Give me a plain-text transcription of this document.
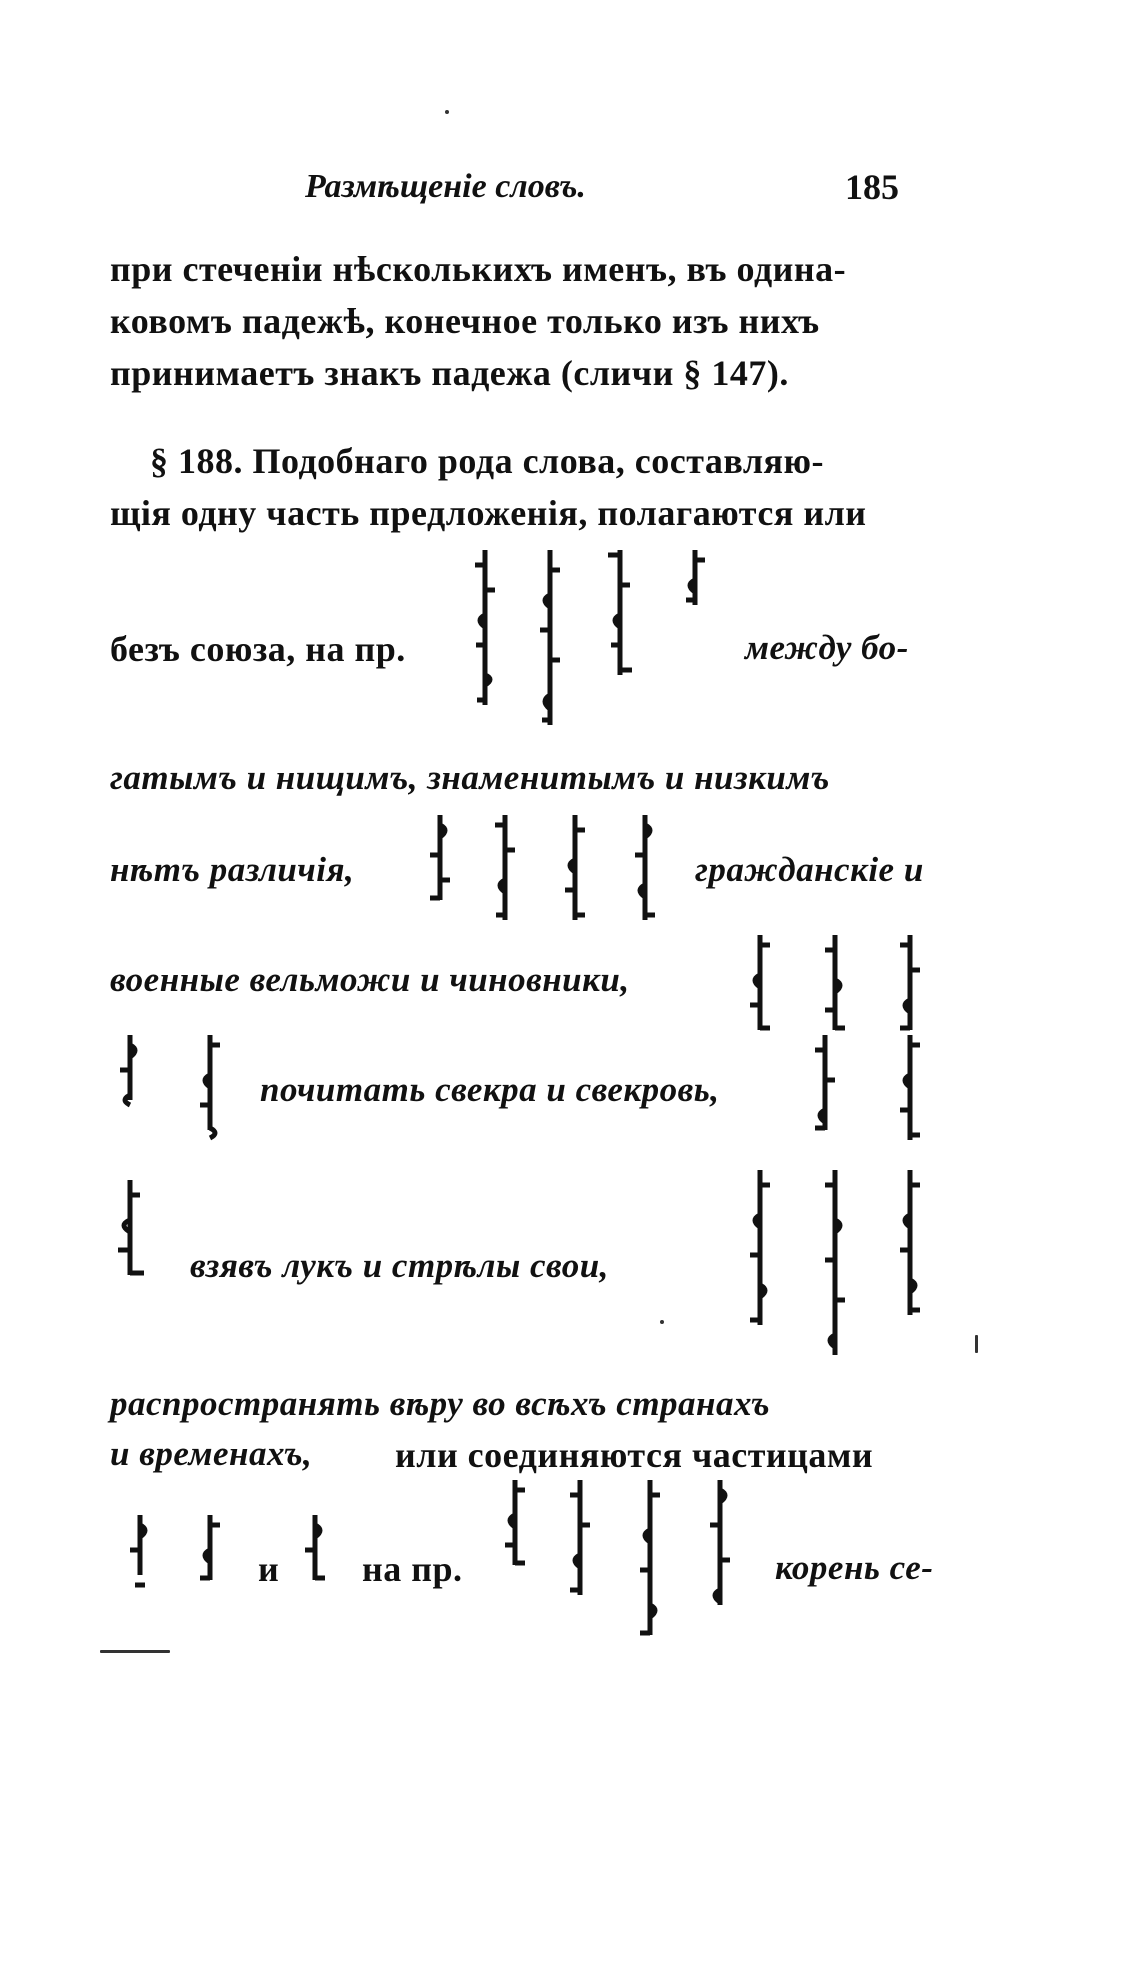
Размѣщеніе словъ.	185
при стеченіи нѣсколькихъ именъ, въ одина-
ковомъ падежѣ, конечное только изъ нихъ
принимаетъ знакъ падежа (сличи § 147).
§ 188. Подобнаго рода слова, составляю-
щія одну часть предложенія, полагаются или
безъ союза, на пр.	между бо-
гатымъ и нищимъ, знаменитымъ и низкимъ
нѣтъ различія,	гражданскіе и
военные вельможи и чиновники,
почитать свекра и свекровь,
взявъ лукъ и стрѣлы свои,
распространять вѣру во всѣхъ странахъ
и временахъ, или соединяются частицами
и на пр.	корень се-
